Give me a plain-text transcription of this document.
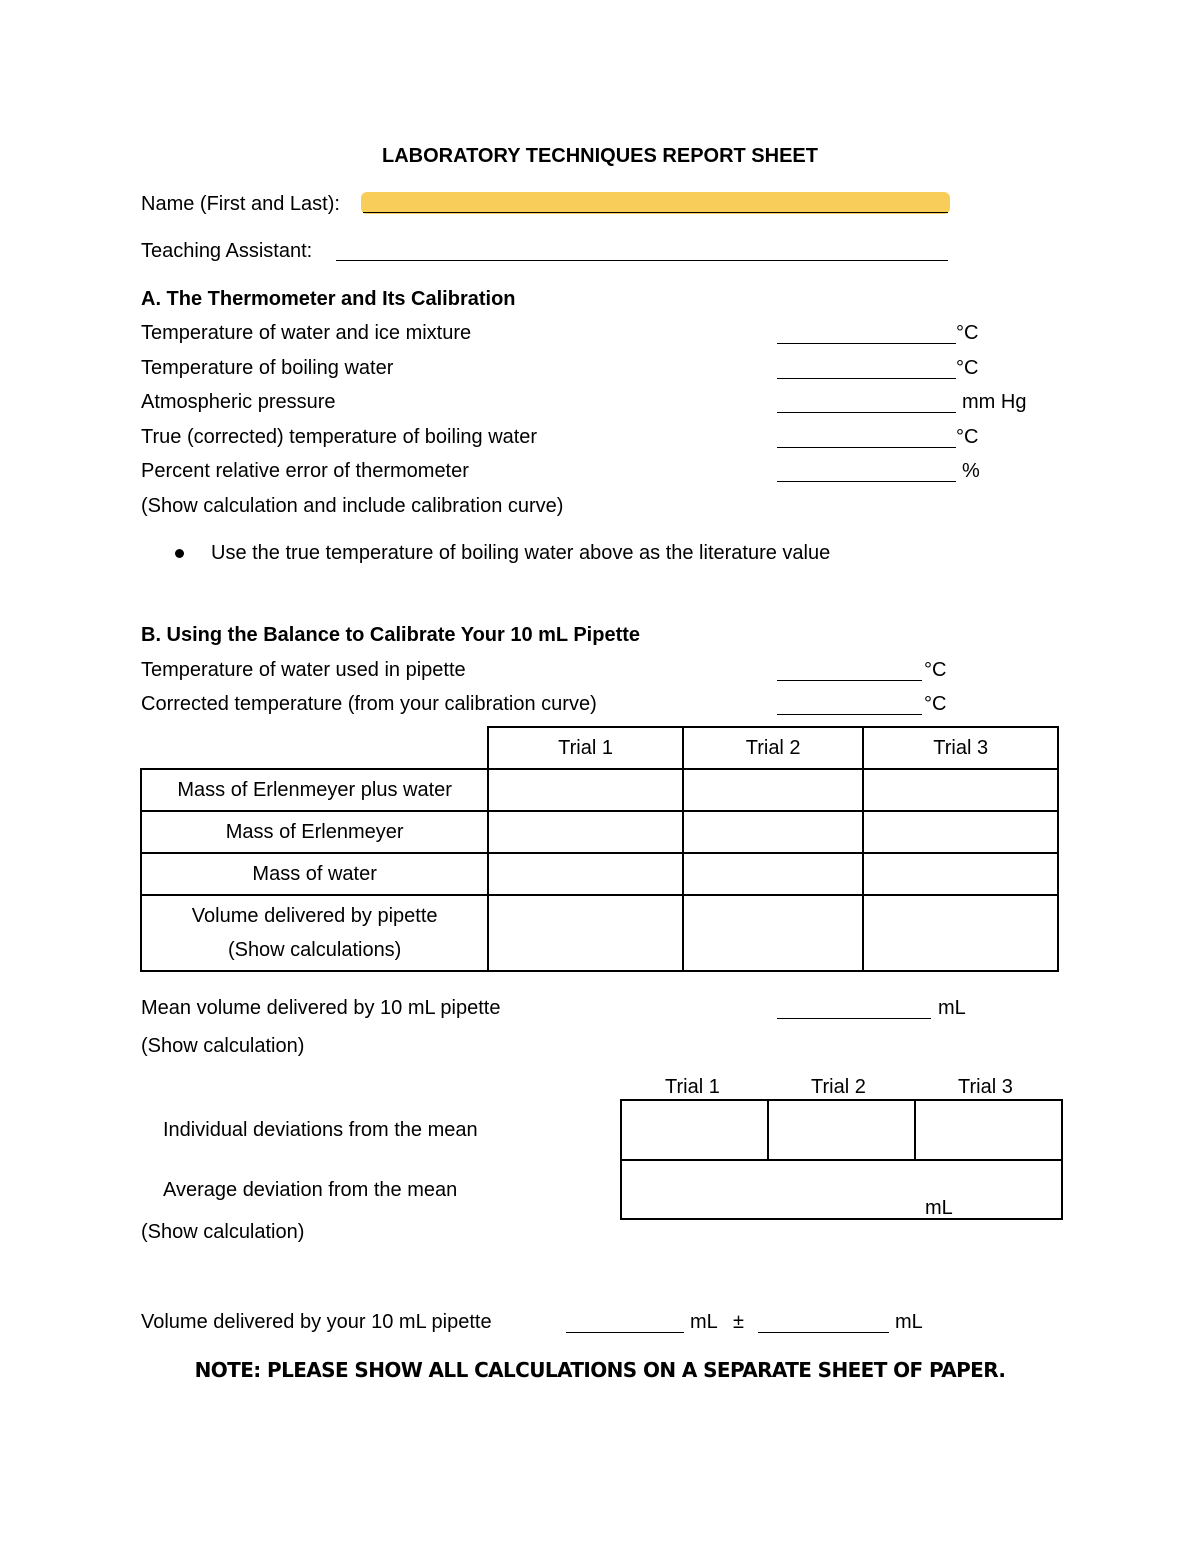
LABORATORY TECHNIQUES REPORT SHEET
Name (First and Last):
Teaching Assistant:
A. The Thermometer and Its Calibration
Temperature of water and ice mixture	°C
Temperature of boiling water	°C
Atmospheric pressure	mm Hg
True (corrected) temperature of boiling water	°C
Percent relative error of thermometer	%
(Show calculation and include calibration curve)
Use the true temperature of boiling water above as the literature value
B. Using the Balance to Calibrate Your 10 mL Pipette
Temperature of water used in pipette	°C
Corrected temperature (from your calibration curve)	°C
	Trial 1	Trial 2	Trial 3
Mass of Erlenmeyer plus water			
Mass of Erlenmeyer			
Mass of water			

Volume delivered by pipette
(Show calculations)			

Mean volume delivered by 10 mL pipette	mL
(Show calculation)
Trial 1	Trial 2	Trial 3
Individual deviations from the mean
Average deviation from the mean
mL
(Show calculation)
Volume delivered by your 10 mL pipette	mL ±	mL
NOTE: PLEASE SHOW ALL CALCULATIONS ON A SEPARATE SHEET OF PAPER.
